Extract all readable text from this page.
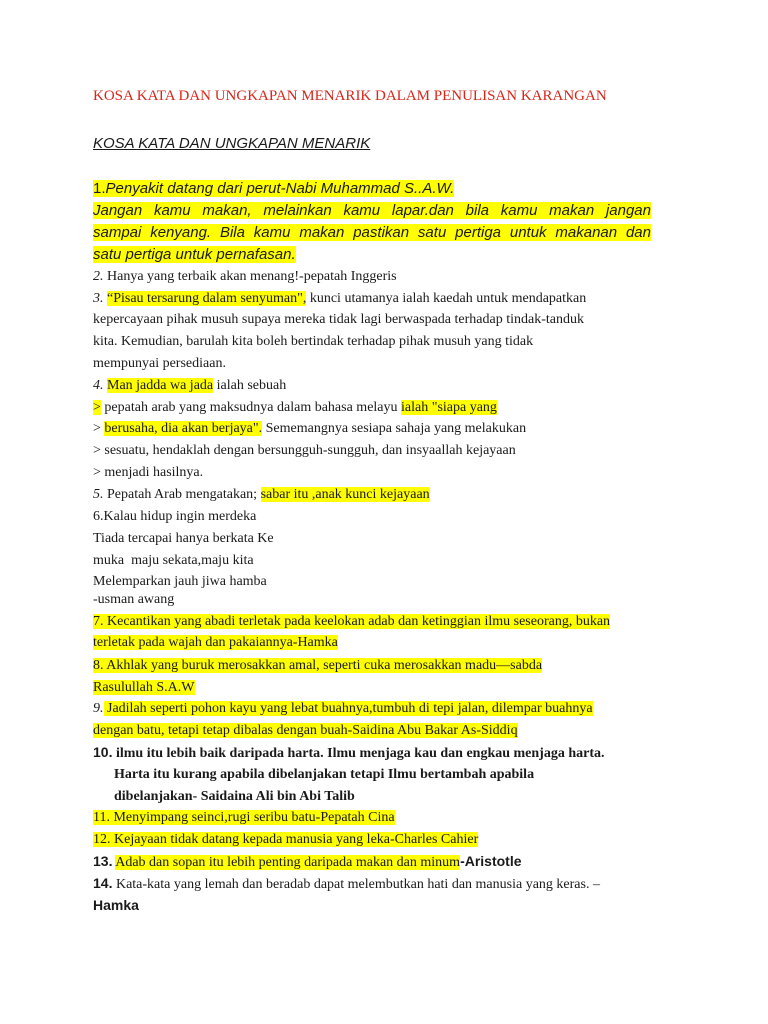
KOSA KATA DAN UNGKAPAN MENARIK DALAM PENULISAN KARANGAN
KOSA KATA DAN UNGKAPAN MENARIK
1.Penyakit datang dari perut-Nabi Muhammad S..A.W.
Jangan kamu makan, melainkan kamu lapar.dan bila kamu makan jangan
sampai kenyang. Bila kamu makan pastikan satu pertiga untuk makanan dan
satu pertiga untuk pernafasan.
2. Hanya yang terbaik akan menang!-pepatah Inggeris
3. “Pisau tersarung dalam senyuman", kunci utamanya ialah kaedah untuk mendapatkan
kepercayaan pihak musuh supaya mereka tidak lagi berwaspada terhadap tindak-tanduk
kita. Kemudian, barulah kita boleh bertindak terhadap pihak musuh yang tidak
mempunyai persediaan.
4. Man jadda wa jada ialah sebuah
> pepatah arab yang maksudnya dalam bahasa melayu ialah "siapa yang
> berusaha, dia akan berjaya". Sememangnya sesiapa sahaja yang melakukan
> sesuatu, hendaklah dengan bersungguh-sungguh, dan insyaallah kejayaan
> menjadi hasilnya.
5. Pepatah Arab mengatakan; sabar itu ,anak kunci kejayaan
6.Kalau hidup ingin merdeka
Tiada tercapai hanya berkata Ke
muka  maju sekata,maju kita
Melemparkan jauh jiwa hamba
-usman awang
7. Kecantikan yang abadi terletak pada keelokan adab dan ketinggian ilmu seseorang, bukan
terletak pada wajah dan pakaiannya-Hamka
8. Akhlak yang buruk merosakkan amal, seperti cuka merosakkan madu—sabda
Rasulullah S.A.W
9. Jadilah seperti pohon kayu yang lebat buahnya,tumbuh di tepi jalan, dilempar buahnya
dengan batu, tetapi tetap dibalas dengan buah-Saidina Abu Bakar As-Siddiq
10. ilmu itu lebih baik daripada harta. Ilmu menjaga kau dan engkau menjaga harta.
Harta itu kurang apabila dibelanjakan tetapi Ilmu bertambah apabila
dibelanjakan- Saidaina Ali bin Abi Talib
11. Menyimpang seinci,rugi seribu batu-Pepatah Cina
12. Kejayaan tidak datang kepada manusia yang leka-Charles Cahier
13. Adab dan sopan itu lebih penting daripada makan dan minum-Aristotle
14. Kata-kata yang lemah dan beradab dapat melembutkan hati dan manusia yang keras. –
Hamka
